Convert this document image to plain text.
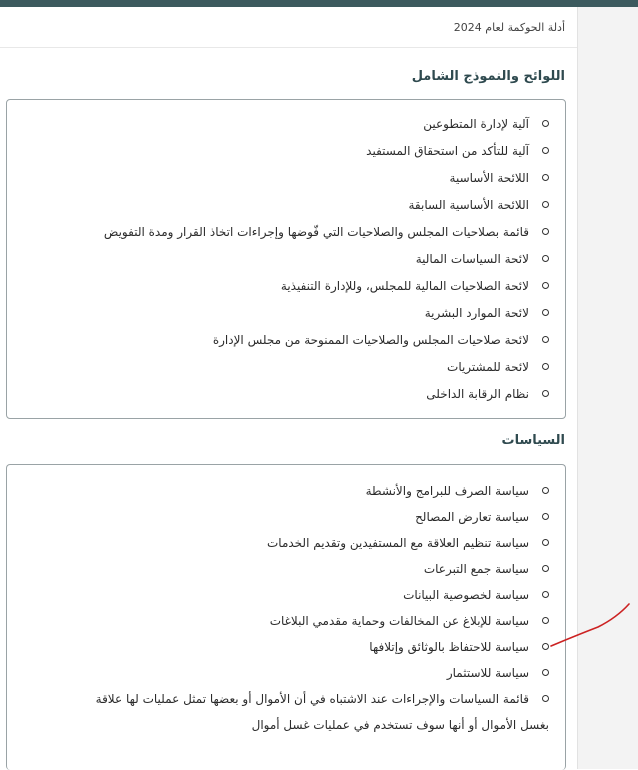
أدلة الحوكمة لعام 2024
اللوائح والنموذج الشامل
آلية لإدارة المتطوعين
آلية للتأكد من استحقاق المستفيد
اللائحة الأساسية
اللائحة الأساسية السابقة
قائمة بصلاحيات المجلس والصلاحيات التي فّوضها وإجراءات اتخاذ القرار ومدة التفويض
لائحة السياسات المالية
لائحة الصلاحيات المالية للمجلس، وللإدارة التنفيذية
لائحة الموارد البشرية
لائحة صلاحيات المجلس والصلاحيات الممنوحة من مجلس الإدارة
لائحة للمشتريات
نظام الرقابة الداخلى
السياسات
سياسة الصرف للبرامج والأنشطة
سياسة تعارض المصالح
سياسة تنظيم العلاقة مع المستفيدين وتقديم الخدمات
سياسة جمع التبرعات
سياسة لخصوصية البيانات
سياسة للإبلاغ عن المخالفات وحماية مقدمي البلاغات
سياسة للاحتفاظ بالوثائق وإتلافها
سياسة للاستثمار
قائمة السياسات والإجراءات عند الاشتباه في أن الأموال أو بعضها تمثل عمليات لها علاقة
بغسل الأموال أو أنها سوف تستخدم في عمليات غسل أموال
